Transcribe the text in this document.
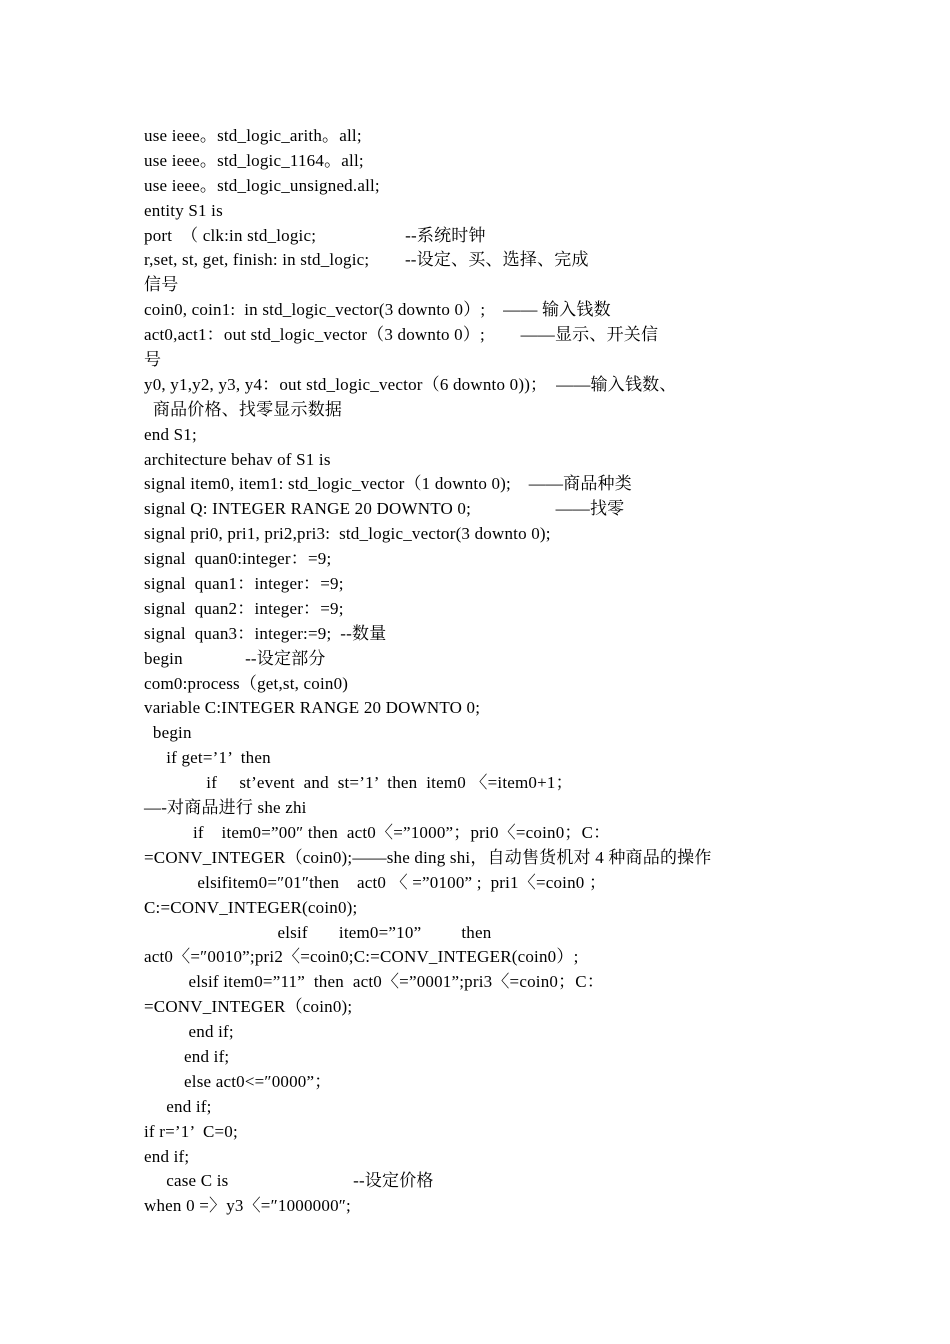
use ieee。std_logic_arith。all;
use ieee。std_logic_1164。all;
use ieee。std_logic_unsigned.all;
entity S1 is
port  （ clk:in std_logic;                    --系统时钟
r,set, st, get, finish: in std_logic;        --设定、买、选择、完成
信号
coin0, coin1:  in std_logic_vector(3 downto 0）;    —— 输入钱数
act0,act1：out std_logic_vector（3 downto 0）;        ——显示、开关信
号
y0, y1,y2, y3, y4：out std_logic_vector（6 downto 0))；  ——输入钱数、
商品价格、找零显示数据
end S1;
architecture behav of S1 is
signal item0, item1: std_logic_vector（1 downto 0);    ——商品种类
signal Q: INTEGER RANGE 20 DOWNTO 0;                   ——找零
signal pri0, pri1, pri2,pri3:  std_logic_vector(3 downto 0);
signal  quan0:integer：=9;
signal  quan1：integer：=9;
signal  quan2：integer：=9;
signal  quan3：integer:=9;  --数量
begin              --设定部分
com0:process（get,st, coin0)
variable C:INTEGER RANGE 20 DOWNTO 0;
begin
if get=’1’  then
if     st’event  and  st=’1’  then  item0 〈=item0+1；
—-对商品进行 she zhi
if    item0=”00″ then  act0〈=”1000”；pri0〈=coin0；C：
=CONV_INTEGER（coin0);——she ding shi，自动售货机对 4 种商品的操作
elsifitem0=″01″then    act0 〈 =”0100” ;  pri1〈=coin0 ；
C:=CONV_INTEGER(coin0);
elsif       item0=”10”         then
act0〈=″0010”;pri2〈=coin0;C:=CONV_INTEGER(coin0）;
elsif item0=”11”  then  act0〈=”0001”;pri3〈=coin0；C：
=CONV_INTEGER（coin0);
end if;
end if;
else act0<=″0000”；
end if;
if r=’1’  C=0;
end if;
case C is                            --设定价格
when 0 =〉y3〈=″1000000″;
